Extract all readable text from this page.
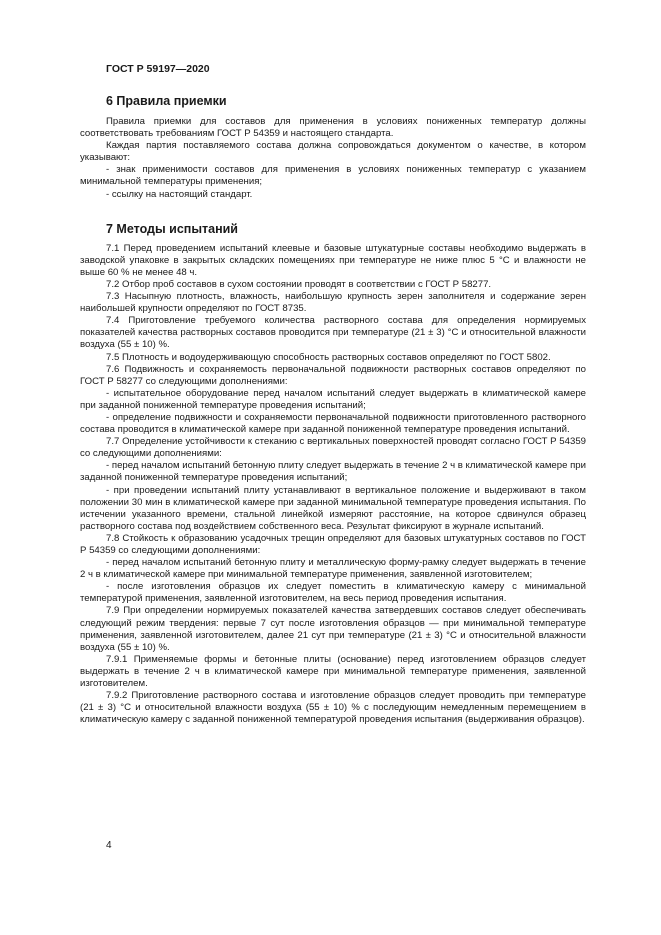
ГОСТ Р 59197—2020

6 Правила приемки

Правила приемки для составов для применения в условиях пониженных температур должны соответствовать требованиям ГОСТ Р 54359 и настоящего стандарта.

Каждая партия поставляемого состава должна сопровождаться документом о качестве, в котором указывают:

- знак применимости составов для применения в условиях пониженных температур с указанием минимальной температуры применения;

- ссылку на настоящий стандарт.

7 Методы испытаний

7.1 Перед проведением испытаний клеевые и базовые штукатурные составы необходимо выдержать в заводской упаковке в закрытых складских помещениях при температуре не ниже плюс 5 °С и влажности не выше 60 % не менее 48 ч.

7.2 Отбор проб составов в сухом состоянии проводят в соответствии с ГОСТ Р 58277.

7.3 Насыпную плотность, влажность, наибольшую крупность зерен заполнителя и содержание зерен наибольшей крупности определяют по ГОСТ 8735.

7.4 Приготовление требуемого количества растворного состава для определения нормируемых показателей качества растворных составов проводится при температуре (21 ± 3) °С и относительной влажности воздуха (55 ± 10) %.

7.5 Плотность и водоудерживающую способность растворных составов определяют по ГОСТ 5802.

7.6 Подвижность и сохраняемость первоначальной подвижности растворных составов определяют по ГОСТ Р 58277 со следующими дополнениями:

- испытательное оборудование перед началом испытаний следует выдержать в климатической камере при заданной пониженной температуре проведения испытаний;

- определение подвижности и сохраняемости первоначальной подвижности приготовленного растворного состава проводится в климатической камере при заданной пониженной температуре проведения испытаний.

7.7 Определение устойчивости к стеканию с вертикальных поверхностей проводят согласно ГОСТ Р 54359 со следующими дополнениями:

- перед началом испытаний бетонную плиту следует выдержать в течение 2 ч в климатической камере при заданной пониженной температуре проведения испытаний;

- при проведении испытаний плиту устанавливают в вертикальное положение и выдерживают в таком положении 30 мин в климатической камере при заданной минимальной температуре проведения испытания. По истечении указанного времени, стальной линейкой измеряют расстояние, на которое сдвинулся образец растворного состава под воздействием собственного веса. Результат фиксируют в журнале испытаний.

7.8 Стойкость к образованию усадочных трещин определяют для базовых штукатурных составов по ГОСТ Р 54359 со следующими дополнениями:

- перед началом испытаний бетонную плиту и металлическую форму-рамку следует выдержать в течение 2 ч в климатической камере при минимальной температуре применения, заявленной изготовителем;

- после изготовления образцов их следует поместить в климатическую камеру с минимальной температурой применения, заявленной изготовителем, на весь период проведения испытания.

7.9 При определении нормируемых показателей качества затвердевших составов следует обеспечивать следующий режим твердения: первые 7 сут после изготовления образцов — при минимальной температуре применения, заявленной изготовителем, далее 21 сут при температуре (21 ± 3) °С и относительной влажности воздуха (55 ± 10) %.

7.9.1 Применяемые формы и бетонные плиты (основание) перед изготовлением образцов следует выдержать в течение 2 ч в климатической камере при минимальной температуре применения, заявленной изготовителем.

7.9.2 Приготовление растворного состава и изготовление образцов следует проводить при температуре (21 ± 3) °С и относительной влажности воздуха (55 ± 10) % с последующим немедленным перемещением в климатическую камеру с заданной пониженной температурой проведения испытания (выдерживания образцов).

4
